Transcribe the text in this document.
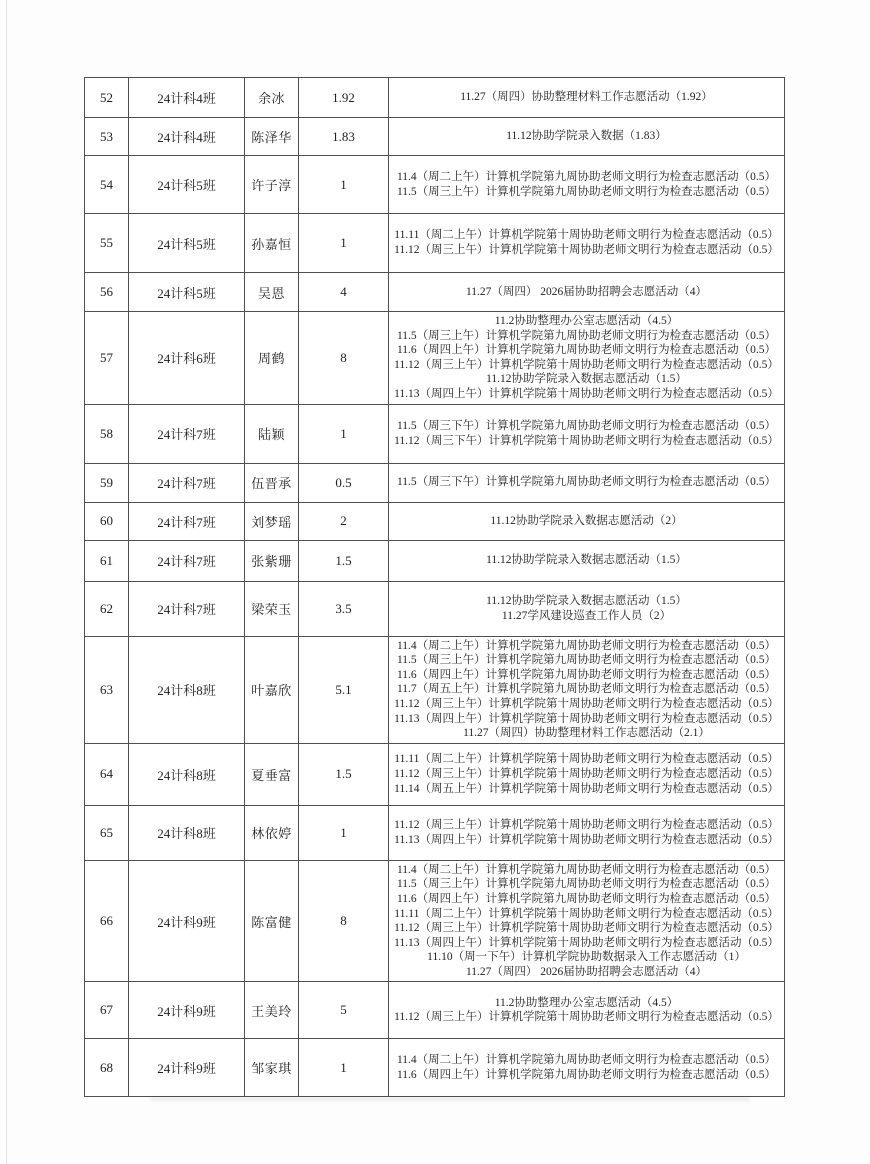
52	24计科4班	余冰	1.92	11.27（周四）协助整理材料工作志愿活动（1.92）

53	24计科4班	陈泽华	1.83	11.12协助学院录入数据（1.83）

54	24计科5班	许子淳	1	11.4（周二上午）计算机学院第九周协助老师文明行为检查志愿活动（0.5）
11.5（周三上午）计算机学院第九周协助老师文明行为检查志愿活动（0.5）

55	24计科5班	孙嘉恒	1	11.11（周二上午）计算机学院第十周协助老师文明行为检查志愿活动（0.5）
11.12（周三上午）计算机学院第十周协助老师文明行为检查志愿活动（0.5）

56	24计科5班	吴恩	4	11.27（周四） 2026届协助招聘会志愿活动（4）

57	24计科6班	周鹤	8	
11.2协助整理办公室志愿活动（4.5）
11.5（周三上午）计算机学院第九周协助老师文明行为检查志愿活动（0.5）
11.6（周四上午）计算机学院第九周协助老师文明行为检查志愿活动（0.5）
11.12（周三上午）计算机学院第十周协助老师文明行为检查志愿活动（0.5）
11.12协助学院录入数据志愿活动（1.5）
11.13（周四上午）计算机学院第十周协助老师文明行为检查志愿活动（0.5）

58	24计科7班	陆颖	1	11.5（周三下午）计算机学院第九周协助老师文明行为检查志愿活动（0.5）
11.12（周三下午）计算机学院第十周协助老师文明行为检查志愿活动（0.5）

59	24计科7班	伍晋承	0.5	11.5（周三下午）计算机学院第九周协助老师文明行为检查志愿活动（0.5）

60	24计科7班	刘梦瑶	2	11.12协助学院录入数据志愿活动（2）

61	24计科7班	张紫珊	1.5	11.12协助学院录入数据志愿活动（1.5）

62	24计科7班	梁荣玉	3.5	11.12协助学院录入数据志愿活动（1.5）
11.27学风建设巡查工作人员（2）

63	24计科8班	叶嘉欣	5.1	
11.4（周二上午）计算机学院第九周协助老师文明行为检查志愿活动（0.5）
11.5（周三上午）计算机学院第九周协助老师文明行为检查志愿活动（0.5）
11.6（周四上午）计算机学院第九周协助老师文明行为检查志愿活动（0.5）
11.7（周五上午）计算机学院第九周协助老师文明行为检查志愿活动（0.5）
11.12（周三上午）计算机学院第十周协助老师文明行为检查志愿活动（0.5）
11.13（周四上午）计算机学院第十周协助老师文明行为检查志愿活动（0.5）
11.27（周四）协助整理材料工作志愿活动（2.1）

64	24计科8班	夏垂富	1.5	11.11（周二上午）计算机学院第十周协助老师文明行为检查志愿活动（0.5）
11.12（周三上午）计算机学院第十周协助老师文明行为检查志愿活动（0.5）
11.14（周五上午）计算机学院第十周协助老师文明行为检查志愿活动（0.5）

65	24计科8班	林依婷	1	11.12（周三上午）计算机学院第十周协助老师文明行为检查志愿活动（0.5）
11.13（周四上午）计算机学院第十周协助老师文明行为检查志愿活动（0.5）

66	24计科9班	陈富健	8	
11.4（周二上午）计算机学院第九周协助老师文明行为检查志愿活动（0.5）
11.5（周三上午）计算机学院第九周协助老师文明行为检查志愿活动（0.5）
11.6（周四上午）计算机学院第九周协助老师文明行为检查志愿活动（0.5）
11.11（周二上午）计算机学院第十周协助老师文明行为检查志愿活动（0.5）
11.12（周三上午）计算机学院第十周协助老师文明行为检查志愿活动（0.5）
11.13（周四上午）计算机学院第十周协助老师文明行为检查志愿活动（0.5）
11.10（周一下午）计算机学院协助数据录入工作志愿活动（1）
11.27（周四） 2026届协助招聘会志愿活动（4）

67	24计科9班	王美玲	5	11.2协助整理办公室志愿活动（4.5）
11.12（周三上午）计算机学院第十周协助老师文明行为检查志愿活动（0.5）

68	24计科9班	邹家琪	1	11.4（周二上午）计算机学院第九周协助老师文明行为检查志愿活动（0.5）
11.6（周四上午）计算机学院第九周协助老师文明行为检查志愿活动（0.5）
